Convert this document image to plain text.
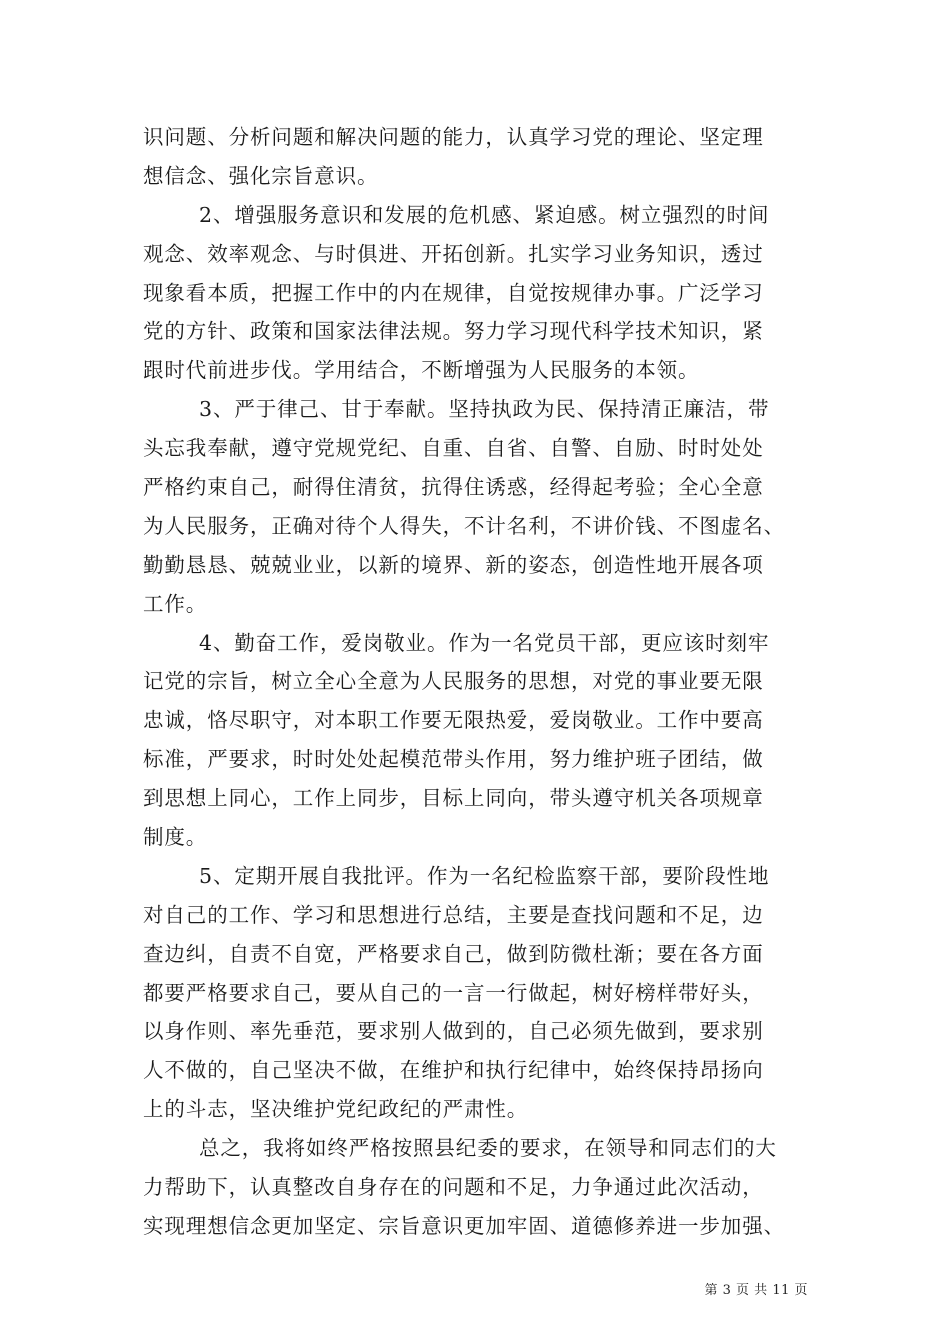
识问题、分析问题和解决问题的能力，认真学习党的理论、坚定理
想信念、强化宗旨意识。
2、增强服务意识和发展的危机感、紧迫感。树立强烈的时间
观念、效率观念、与时俱进、开拓创新。扎实学习业务知识，透过
现象看本质，把握工作中的内在规律，自觉按规律办事。广泛学习
党的方针、政策和国家法律法规。努力学习现代科学技术知识，紧
跟时代前进步伐。学用结合，不断增强为人民服务的本领。
3、严于律己、甘于奉献。坚持执政为民、保持清正廉洁，带
头忘我奉献，遵守党规党纪、自重、自省、自警、自励、时时处处
严格约束自己，耐得住清贫，抗得住诱惑，经得起考验；全心全意
为人民服务，正确对待个人得失，不计名利，不讲价钱、不图虚名、
勤勤恳恳、兢兢业业，以新的境界、新的姿态，创造性地开展各项
工作。
4、勤奋工作，爱岗敬业。作为一名党员干部，更应该时刻牢
记党的宗旨，树立全心全意为人民服务的思想，对党的事业要无限
忠诚，恪尽职守，对本职工作要无限热爱，爱岗敬业。工作中要高
标准，严要求，时时处处起模范带头作用，努力维护班子团结，做
到思想上同心，工作上同步，目标上同向，带头遵守机关各项规章
制度。
5、定期开展自我批评。作为一名纪检监察干部，要阶段性地
对自己的工作、学习和思想进行总结，主要是查找问题和不足，边
查边纠，自责不自宽，严格要求自己，做到防微杜渐；要在各方面
都要严格要求自己，要从自己的一言一行做起，树好榜样带好头，
以身作则、率先垂范，要求别人做到的，自己必须先做到，要求别
人不做的，自己坚决不做，在维护和执行纪律中，始终保持昂扬向
上的斗志，坚决维护党纪政纪的严肃性。
总之，我将如终严格按照县纪委的要求，在领导和同志们的大
力帮助下，认真整改自身存在的问题和不足，力争通过此次活动，
实现理想信念更加坚定、宗旨意识更加牢固、道德修养进一步加强、
第 3 页 共 11 页
